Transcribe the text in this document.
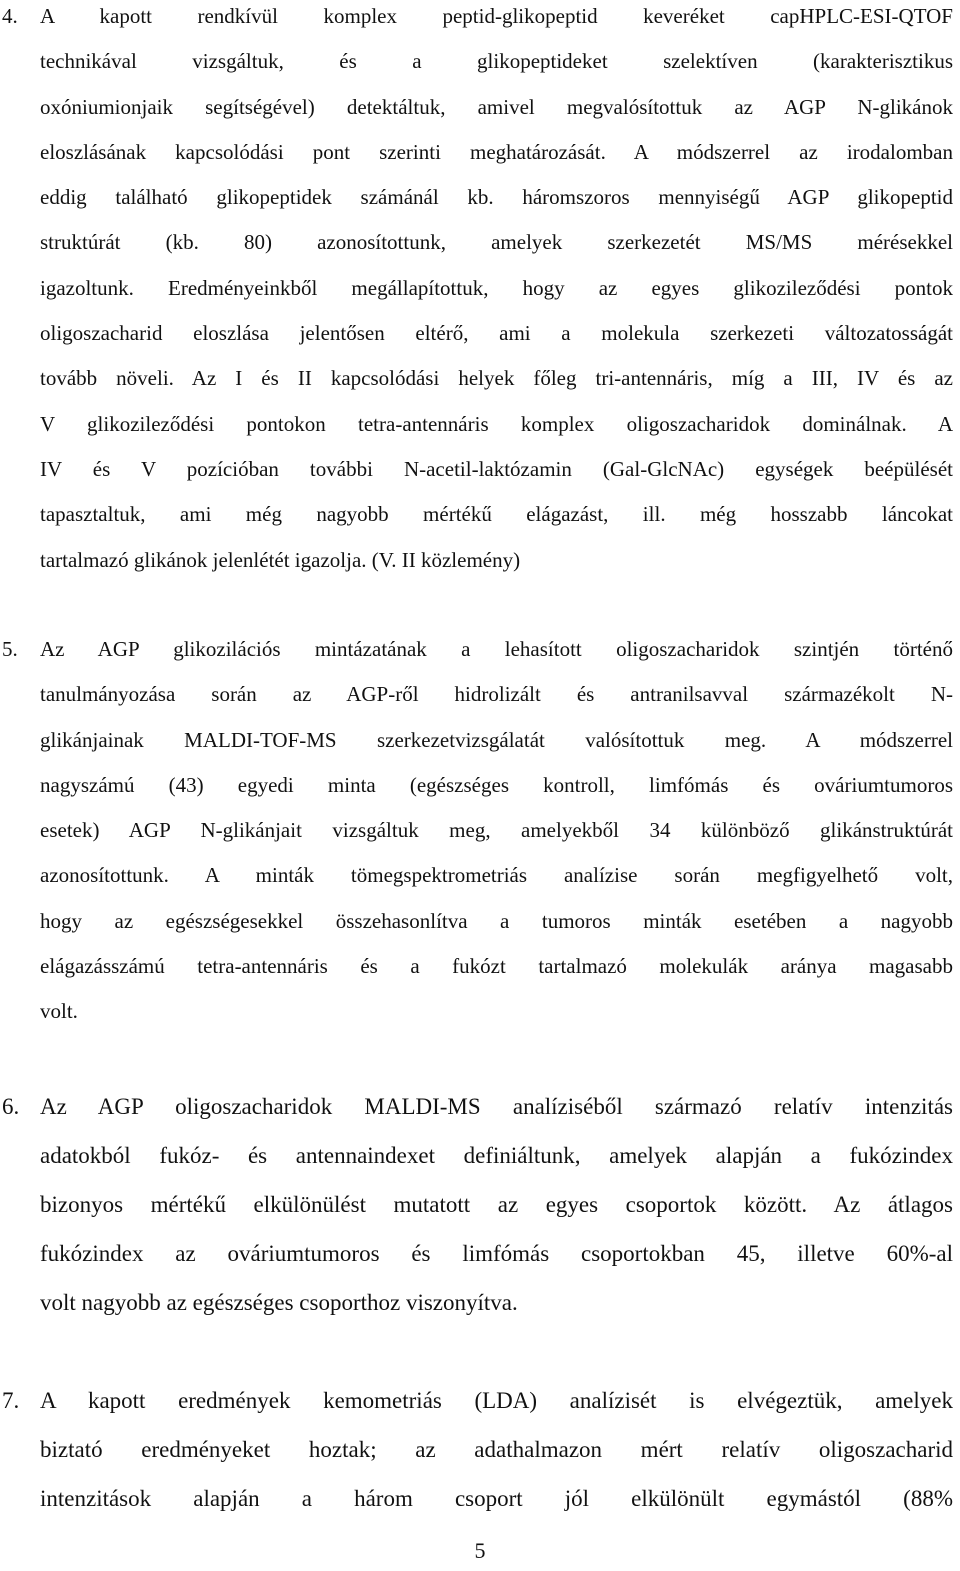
4. A kapott rendkívül komplex peptid-glikopeptid keveréket capHPLC-ESI-QTOF
technikával vizsgáltuk, és a glikopeptideket szelektíven (karakterisztikus
oxóniumionjaik segítségével) detektáltuk, amivel megvalósítottuk az AGP N-glikánok
eloszlásának kapcsolódási pont szerinti meghatározását. A módszerrel az irodalomban
eddig található glikopeptidek számánál kb. háromszoros mennyiségű AGP glikopeptid
struktúrát (kb. 80) azonosítottunk, amelyek szerkezetét MS/MS mérésekkel
igazoltunk. Eredményeinkből megállapítottuk, hogy az egyes glikozileződési pontok
oligoszacharid eloszlása jelentősen eltérő, ami a molekula szerkezeti változatosságát
tovább növeli. Az I és II kapcsolódási helyek főleg tri-antennáris, míg a III, IV és az
V glikozileződési pontokon tetra-antennáris komplex oligoszacharidok dominálnak. A
IV és V pozícióban további N-acetil-laktózamin (Gal-GlcNAc) egységek beépülését
tapasztaltuk, ami még nagyobb mértékű elágazást, ill. még hosszabb láncokat
tartalmazó glikánok jelenlétét igazolja. (V. II közlemény)
5. Az AGP glikozilációs mintázatának a lehasított oligoszacharidok szintjén történő
tanulmányozása során az AGP-ről hidrolizált és antranilsavval származékolt N-
glikánjainak MALDI-TOF-MS szerkezetvizsgálatát valósítottuk meg. A módszerrel
nagyszámú (43) egyedi minta (egészséges kontroll, limfómás és ováriumtumoros
esetek) AGP N-glikánjait vizsgáltuk meg, amelyekből 34 különböző glikánstruktúrát
azonosítottunk. A minták tömegspektrometriás analízise során megfigyelhető volt,
hogy az egészségesekkel összehasonlítva a tumoros minták esetében a nagyobb
elágazásszámú tetra-antennáris és a fukózt tartalmazó molekulák aránya magasabb
volt.
6. Az AGP oligoszacharidok MALDI-MS analíziséből származó relatív intenzitás
adatokból fukóz- és antennaindexet definiáltunk, amelyek alapján a fukózindex
bizonyos mértékű elkülönülést mutatott az egyes csoportok között. Az átlagos
fukózindex az ováriumtumoros és limfómás csoportokban 45, illetve 60%-al
volt nagyobb az egészséges csoporthoz viszonyítva.
7. A kapott eredmények kemometriás (LDA) analízisét is elvégeztük, amelyek
biztató eredményeket hoztak; az adathalmazon mért relatív oligoszacharid
intenzitások alapján a három csoport jól elkülönült egymástól (88%
5
